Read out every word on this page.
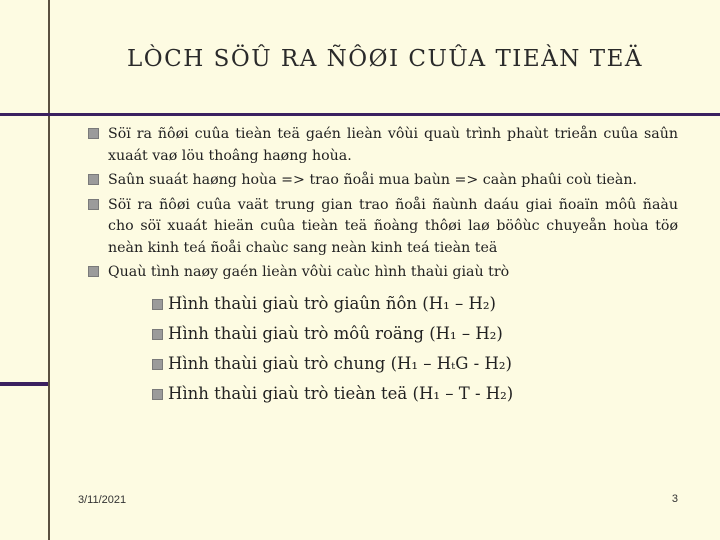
LÒCH SÖÛ RA ÑÔØI CUÛA TIEÀN TEÄ
Söï ra ñôøi cuûa tieàn teä gaén lieàn vôùi quaù trình phaùt trieån cuûa saûn xuaát vaø löu thoâng haøng hoùa.
Saûn suaát haøng hoùa => trao ñoåi mua baùn => caàn phaûi coù tieàn.
Söï ra ñôøi cuûa vaät trung gian trao ñoåi ñaùnh daáu giai ñoaïn môû ñaàu cho söï xuaát hieän cuûa tieàn teä ñoàng thôøi laø böôùc chuyeån hoùa töø neàn kinh teá ñoåi chaùc sang neàn kinh teá tieàn teä
Quaù tình naøy gaén lieàn vôùi caùc hình thaùi giaù trò
Hình thaùi giaù trò giaûn ñôn (H₁ – H₂)
Hình thaùi giaù trò môû roäng (H₁ – H₂)
Hình thaùi giaù trò chung (H₁ – HₜG - H₂)
Hình thaùi giaù trò tieàn teä (H₁ – T - H₂)
3/11/2021	3
